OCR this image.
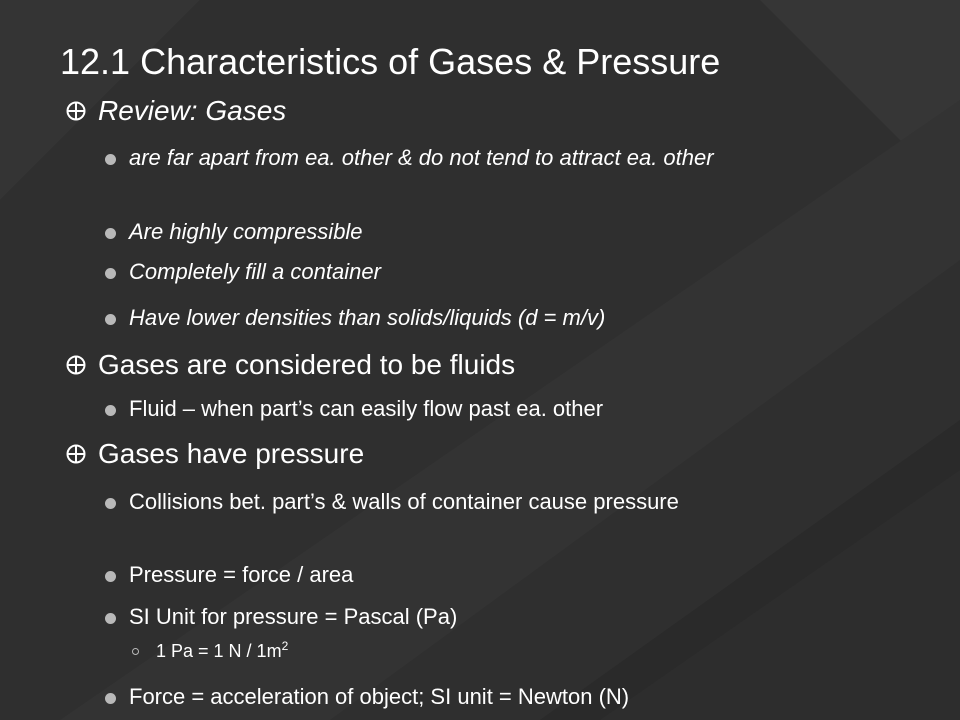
12.1 Characteristics of Gases & Pressure
Review: Gases
are far apart from ea. other & do not tend to attract ea. other
Are highly compressible
Completely fill a container
Have lower densities than solids/liquids (d = m/v)
Gases are considered to be fluids
Fluid – when part’s can easily flow past ea. other
Gases have pressure
Collisions bet. part’s & walls of container cause pressure
Pressure = force / area
SI Unit for pressure = Pascal (Pa)
1 Pa = 1 N / $1m^2$
Force = acceleration of object; SI unit = Newton (N)
